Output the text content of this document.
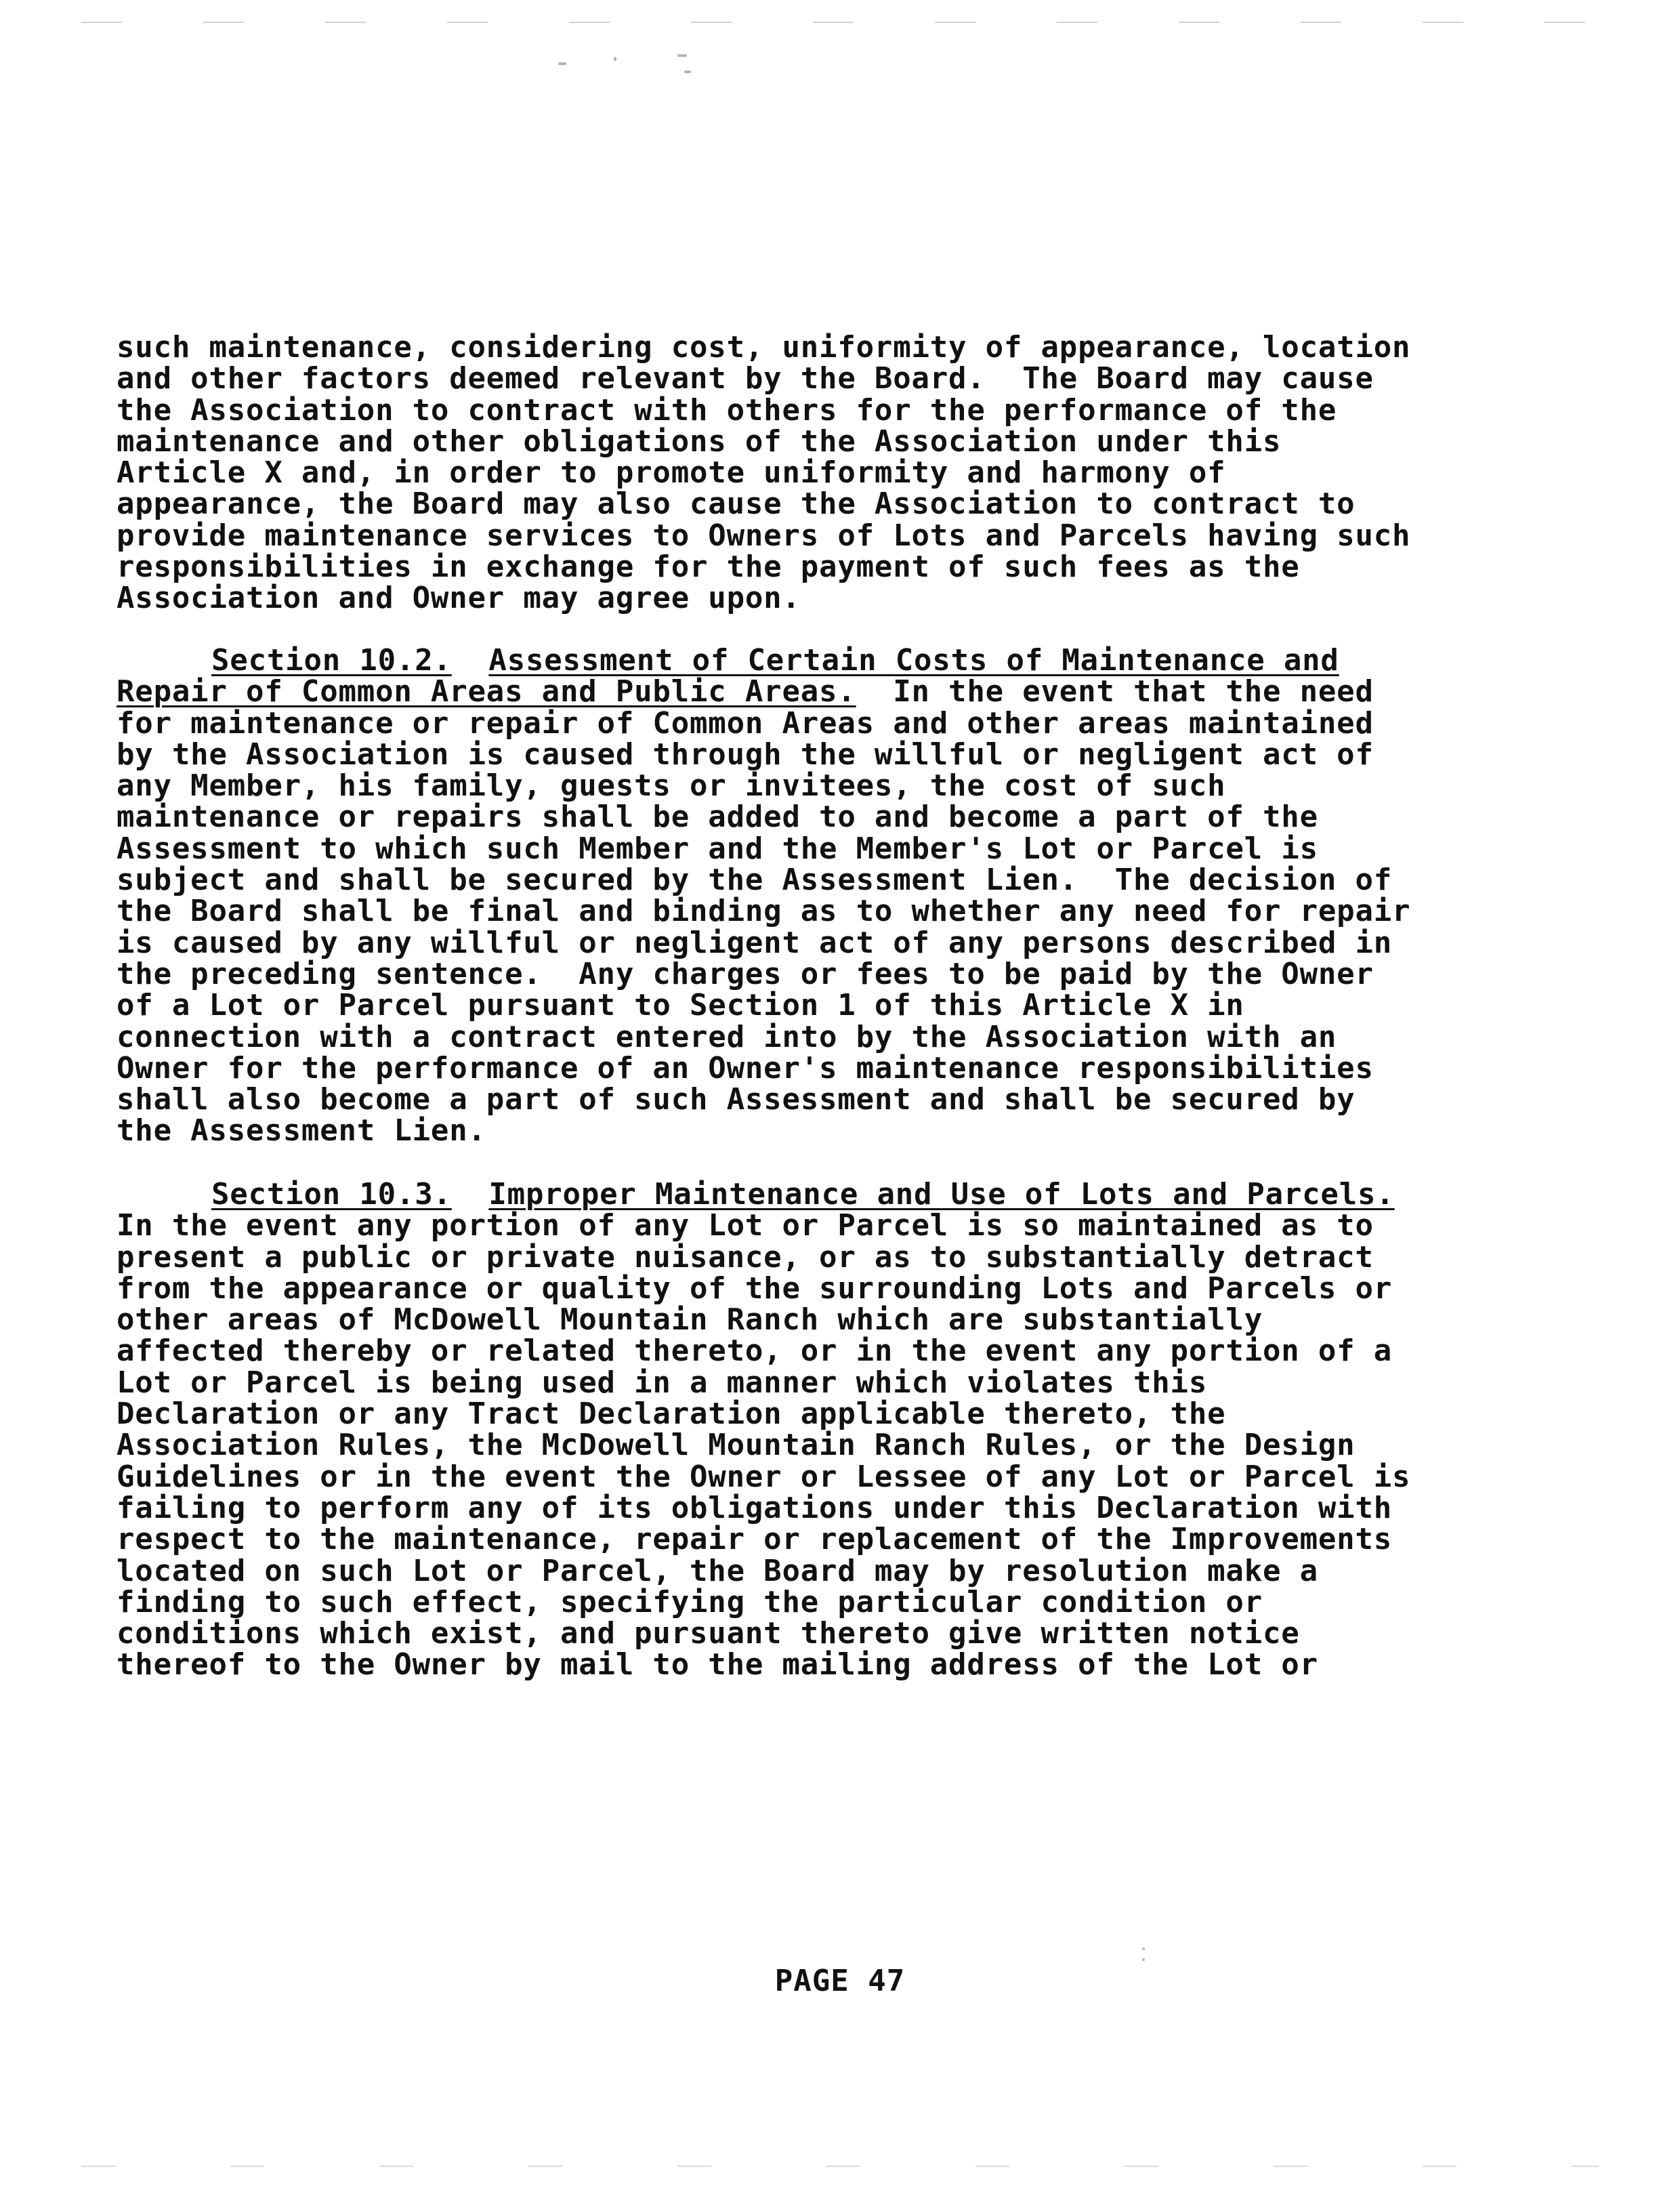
such maintenance, considering cost, uniformity of appearance, location
and other factors deemed relevant by the Board.  The Board may cause
the Association to contract with others for the performance of the
maintenance and other obligations of the Association under this
Article X and, in order to promote uniformity and harmony of
appearance, the Board may also cause the Association to contract to
provide maintenance services to Owners of Lots and Parcels having such
responsibilities in exchange for the payment of such fees as the
Association and Owner may agree upon.

Section 10.2. Assessment of Certain Costs of Maintenance and
Repair of Common Areas and Public Areas.  In the event that the need
for maintenance or repair of Common Areas and other areas maintained
by the Association is caused through the willful or negligent act of
any Member, his family, guests or invitees, the cost of such
maintenance or repairs shall be added to and become a part of the
Assessment to which such Member and the Member's Lot or Parcel is
subject and shall be secured by the Assessment Lien.  The decision of
the Board shall be final and binding as to whether any need for repair
is caused by any willful or negligent act of any persons described in
the preceding sentence.  Any charges or fees to be paid by the Owner
of a Lot or Parcel pursuant to Section 1 of this Article X in
connection with a contract entered into by the Association with an
Owner for the performance of an Owner's maintenance responsibilities
shall also become a part of such Assessment and shall be secured by
the Assessment Lien.
Section 10.3. Improper Maintenance and Use of Lots and Parcels.
In the event any portion of any Lot or Parcel is so maintained as to
present a public or private nuisance, or as to substantially detract
from the appearance or quality of the surrounding Lots and Parcels or
other areas of McDowell Mountain Ranch which are substantially
affected thereby or related thereto, or in the event any portion of a
Lot or Parcel is being used in a manner which violates this
Declaration or any Tract Declaration applicable thereto, the
Association Rules, the McDowell Mountain Ranch Rules, or the Design
Guidelines or in the event the Owner or Lessee of any Lot or Parcel is
failing to perform any of its obligations under this Declaration with
respect to the maintenance, repair or replacement of the Improvements
located on such Lot or Parcel, the Board may by resolution make a
finding to such effect, specifying the particular condition or
conditions which exist, and pursuant thereto give written notice
thereof to the Owner by mail to the mailing address of the Lot or

PAGE 47
